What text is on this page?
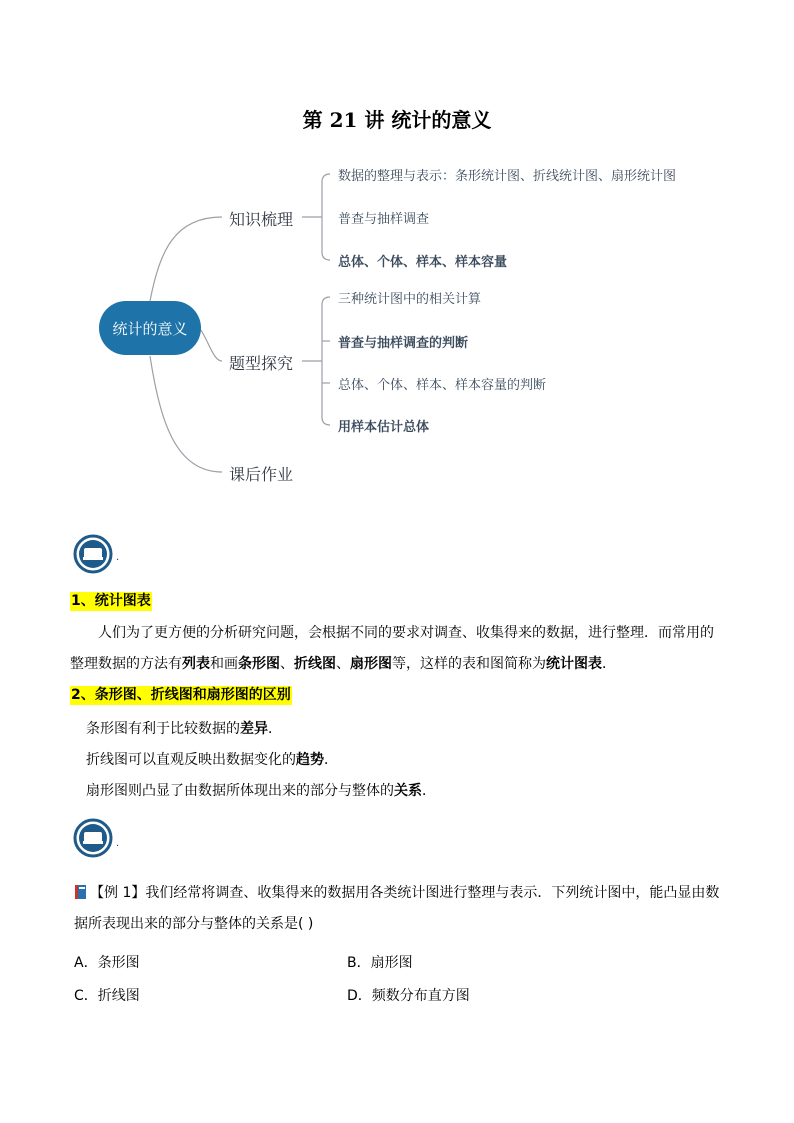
第 21 讲 统计的意义
统计的意义
知识梳理
题型探究
课后作业
数据的整理与表示：条形统计图、折线统计图、扇形统计图
普查与抽样调查
总体、个体、样本、样本容量
三种统计图中的相关计算
普查与抽样调查的判断
总体、个体、样本、样本容量的判断
用样本估计总体
.
1、统计图表
人们为了更方便的分析研究问题，会根据不同的要求对调查、收集得来的数据，进行整理．而常用的整理数据的方法有列表和画条形图、折线图、扇形图等，这样的表和图简称为统计图表．
2、条形图、折线图和扇形图的区别
条形图有利于比较数据的差异．
折线图可以直观反映出数据变化的趋势．
扇形图则凸显了由数据所体现出来的部分与整体的关系．
.
【例 1】我们经常将调查、收集得来的数据用各类统计图进行整理与表示．下列统计图中，能凸显由数据所表现出来的部分与整体的关系是( )
A．条形图	B．扇形图
C．折线图	D．频数分布直方图
